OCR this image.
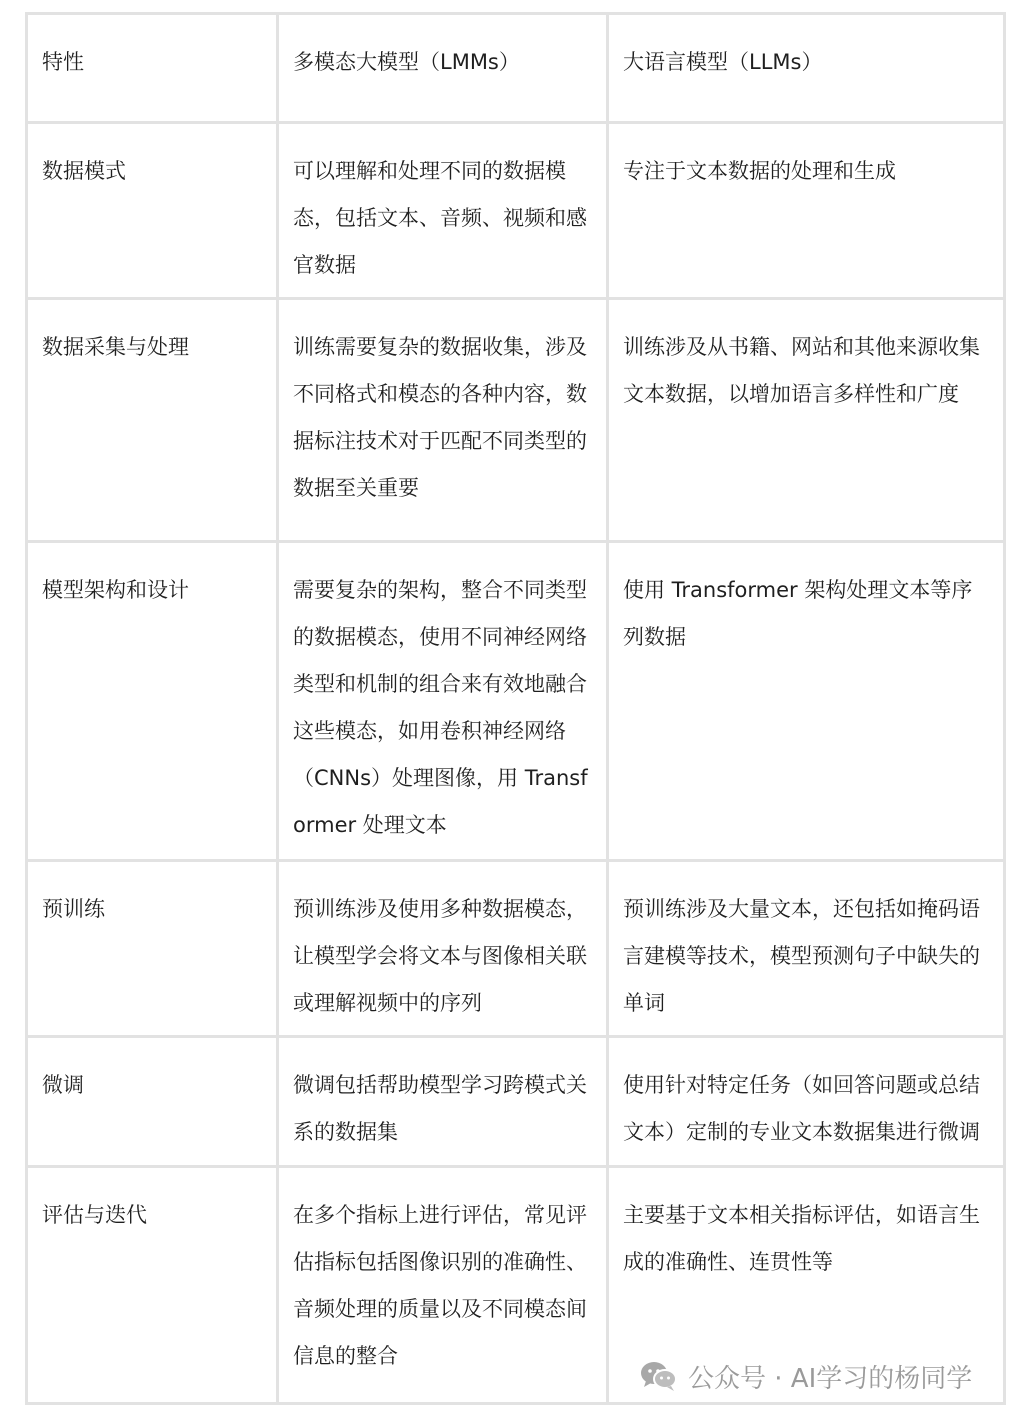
特性	多模态大模型（LMMs）	大语言模型（LLMs）
数据模式	可以理解和处理不同的数据模态，包括文本、音频、视频和感官数据	专注于文本数据的处理和生成
数据采集与处理	训练需要复杂的数据收集，涉及不同格式和模态的各种内容，数据标注技术对于匹配不同类型的数据至关重要	训练涉及从书籍、网站和其他来源收集文本数据，以增加语言多样性和广度
模型架构和设计	需要复杂的架构，整合不同类型的数据模态，使用不同神经网络类型和机制的组合来有效地融合这些模态，如用卷积神经网络（CNNs）处理图像，用 Transformer 处理文本	使用 Transformer 架构处理文本等序列数据
预训练	预训练涉及使用多种数据模态，让模型学会将文本与图像相关联或理解视频中的序列	预训练涉及大量文本，还包括如掩码语言建模等技术，模型预测句子中缺失的单词
微调	微调包括帮助模型学习跨模式关系的数据集	使用针对特定任务（如回答问题或总结文本）定制的专业文本数据集进行微调
评估与迭代	在多个指标上进行评估，常见评估指标包括图像识别的准确性、音频处理的质量以及不同模态间信息的整合	主要基于文本相关指标评估，如语言生成的准确性、连贯性等
公众号 · AI学习的杨同学
